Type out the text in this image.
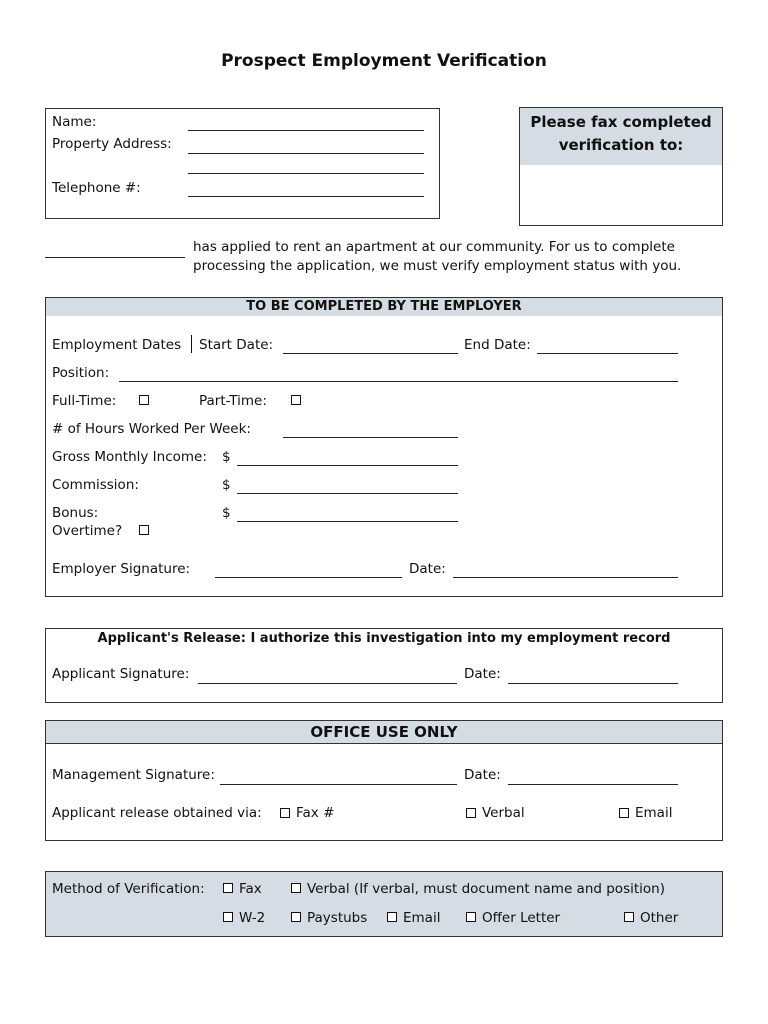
Prospect Employment Verification
Name:
Property Address:
Telephone #:
Please fax completed
verification to:
has applied to rent an apartment at our community. For us to complete
processing the application, we must verify employment status with you.
TO BE COMPLETED BY THE EMPLOYER
Employment Dates Start Date:	End Date:
Position:
Full-Time:	Part-Time:
# of Hours Worked Per Week:
Gross Monthly Income: $
Commission:	$
Bonus:	$
Overtime?
Employer Signature:	Date:
Applicant's Release: I authorize this investigation into my employment record
Applicant Signature:	Date:
OFFICE USE ONLY
Management Signature:	Date:
Applicant release obtained via:	Fax #	Verbal	Email
Method of Verification:	Fax	Verbal (If verbal, must document name and position)
W-2	Paystubs	Email	Offer Letter	Other
